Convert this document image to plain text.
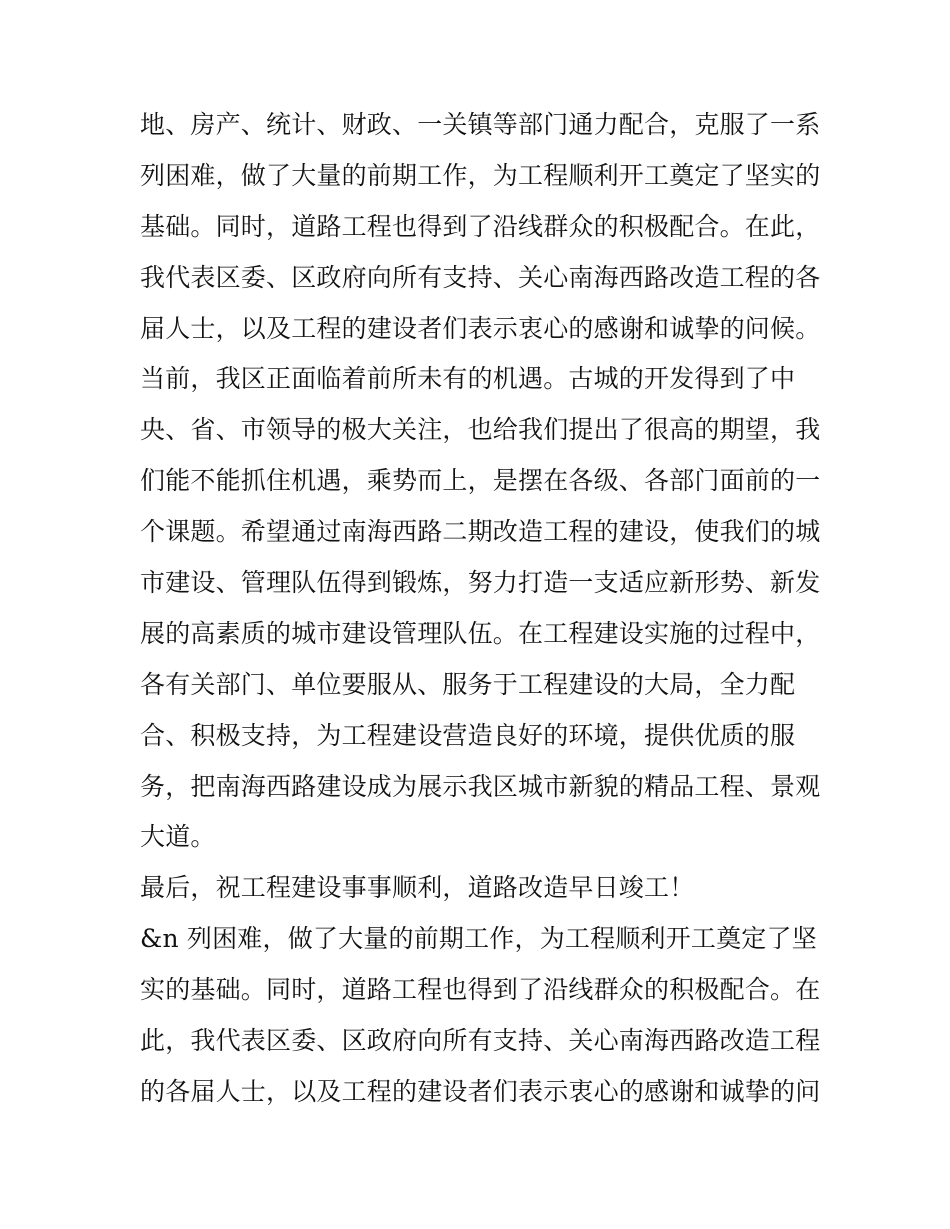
地、房产、统计、财政、一关镇等部门通力配合，克服了一系
列困难，做了大量的前期工作，为工程顺利开工奠定了坚实的
基础。同时，道路工程也得到了沿线群众的积极配合。在此，
我代表区委、区政府向所有支持、关心南海西路改造工程的各
届人士，以及工程的建设者们表示衷心的感谢和诚挚的问候。
当前，我区正面临着前所未有的机遇。古城的开发得到了中
央、省、市领导的极大关注，也给我们提出了很高的期望，我
们能不能抓住机遇，乘势而上，是摆在各级、各部门面前的一
个课题。希望通过南海西路二期改造工程的建设，使我们的城
市建设、管理队伍得到锻炼，努力打造一支适应新形势、新发
展的高素质的城市建设管理队伍。在工程建设实施的过程中，
各有关部门、单位要服从、服务于工程建设的大局，全力配
合、积极支持，为工程建设营造良好的环境，提供优质的服
务，把南海西路建设成为展示我区城市新貌的精品工程、景观
大道。
最后，祝工程建设事事顺利，道路改造早日竣工！
&n 列困难，做了大量的前期工作，为工程顺利开工奠定了坚
实的基础。同时，道路工程也得到了沿线群众的积极配合。在
此，我代表区委、区政府向所有支持、关心南海西路改造工程
的各届人士，以及工程的建设者们表示衷心的感谢和诚挚的问
